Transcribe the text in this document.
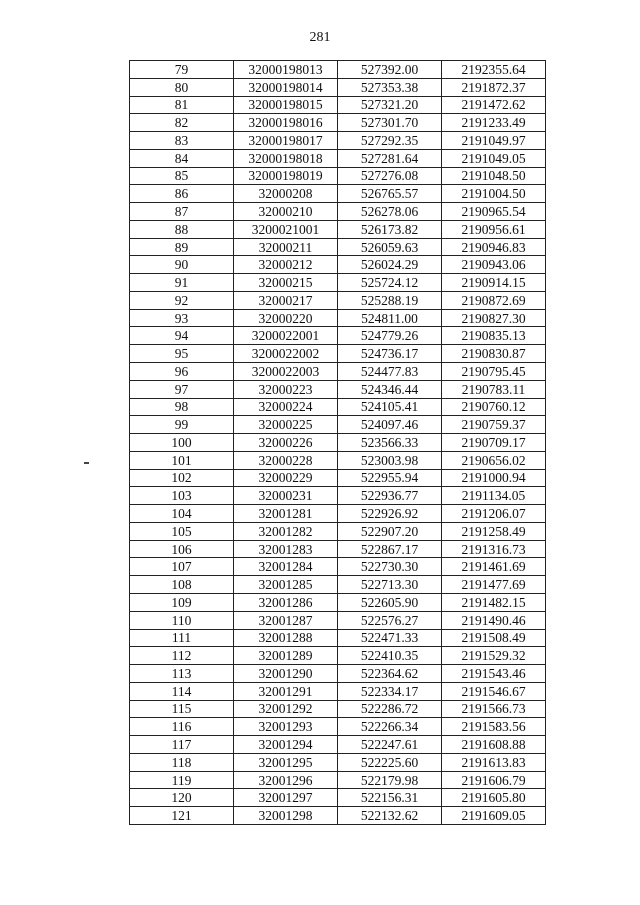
281
79	32000198013	527392.00	2192355.64
80	32000198014	527353.38	2191872.37
81	32000198015	527321.20	2191472.62
82	32000198016	527301.70	2191233.49
83	32000198017	527292.35	2191049.97
84	32000198018	527281.64	2191049.05
85	32000198019	527276.08	2191048.50
86	32000208	526765.57	2191004.50
87	32000210	526278.06	2190965.54
88	3200021001	526173.82	2190956.61
89	32000211	526059.63	2190946.83
90	32000212	526024.29	2190943.06
91	32000215	525724.12	2190914.15
92	32000217	525288.19	2190872.69
93	32000220	524811.00	2190827.30
94	3200022001	524779.26	2190835.13
95	3200022002	524736.17	2190830.87
96	3200022003	524477.83	2190795.45
97	32000223	524346.44	2190783.11
98	32000224	524105.41	2190760.12
99	32000225	524097.46	2190759.37
100	32000226	523566.33	2190709.17
101	32000228	523003.98	2190656.02
102	32000229	522955.94	2191000.94
103	32000231	522936.77	2191134.05
104	32001281	522926.92	2191206.07
105	32001282	522907.20	2191258.49
106	32001283	522867.17	2191316.73
107	32001284	522730.30	2191461.69
108	32001285	522713.30	2191477.69
109	32001286	522605.90	2191482.15
110	32001287	522576.27	2191490.46
111	32001288	522471.33	2191508.49
112	32001289	522410.35	2191529.32
113	32001290	522364.62	2191543.46
114	32001291	522334.17	2191546.67
115	32001292	522286.72	2191566.73
116	32001293	522266.34	2191583.56
117	32001294	522247.61	2191608.88
118	32001295	522225.60	2191613.83
119	32001296	522179.98	2191606.79
120	32001297	522156.31	2191605.80
121	32001298	522132.62	2191609.05
